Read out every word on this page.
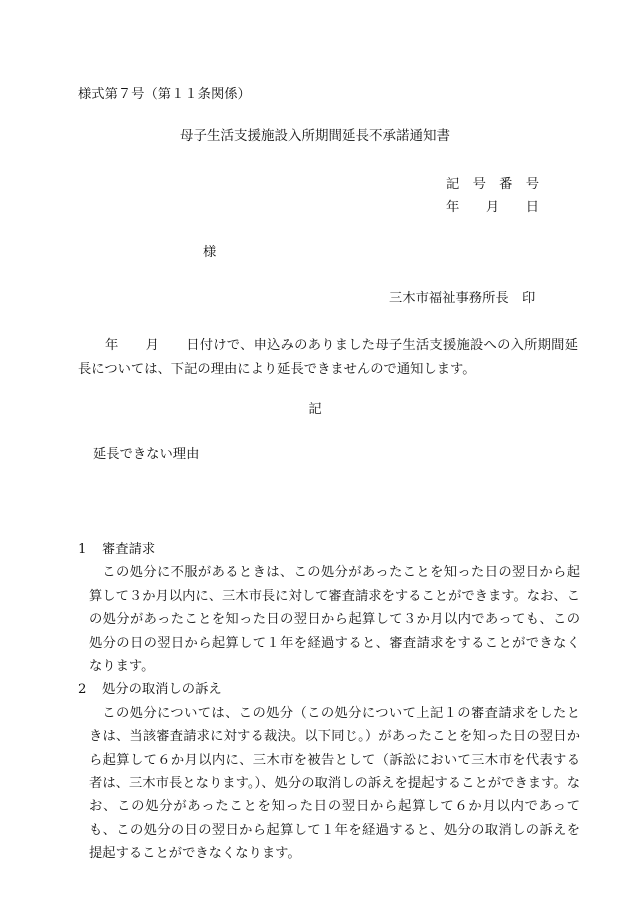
様式第７号（第１１条関係）
母子生活支援施設入所期間延長不承諾通知書
記　号　番　号
年　　月　　日
様
三木市福祉事務所長　印
　　年　　月　　日付けで、申込みのありました母子生活支援施設への入所期間延長については、下記の理由により延長できませんので通知します。
記
延長できない理由
1 審査請求
この処分に不服があるときは、この処分があったことを知った日の翌日から起算して３か月以内に、三木市長に対して審査請求をすることができます。なお、この処分があったことを知った日の翌日から起算して３か月以内であっても、この処分の日の翌日から起算して１年を経過すると、審査請求をすることができなくなります。
2 処分の取消しの訴え
この処分については、この処分（この処分について上記１の審査請求をしたときは、当該審査請求に対する裁決。以下同じ。）があったことを知った日の翌日から起算して６か月以内に、三木市を被告として（訴訟において三木市を代表する者は、三木市長となります。）、処分の取消しの訴えを提起することができます。なお、この処分があったことを知った日の翌日から起算して６か月以内であっても、この処分の日の翌日から起算して１年を経過すると、処分の取消しの訴えを提起することができなくなります。
